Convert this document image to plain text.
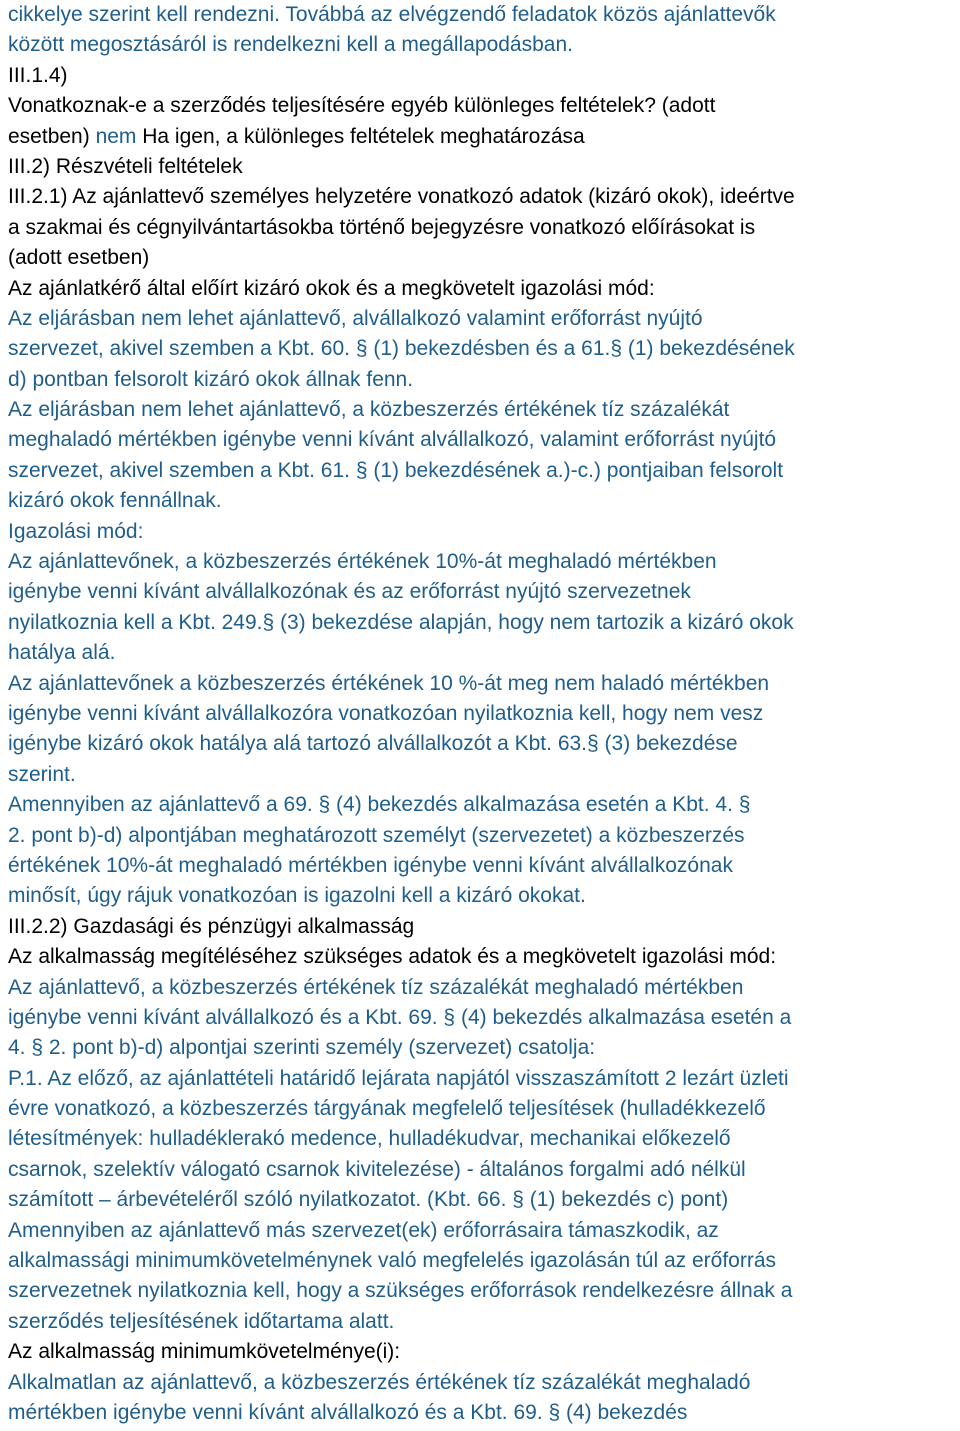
cikkelye szerint kell rendezni. Továbbá az elvégzendő feladatok közös ajánlattevők
között megosztásáról is rendelkezni kell a megállapodásban.
III.1.4)
Vonatkoznak-e a szerződés teljesítésére egyéb különleges feltételek? (adott
esetben) nem Ha igen, a különleges feltételek meghatározása
III.2) Részvételi feltételek
III.2.1) Az ajánlattevő személyes helyzetére vonatkozó adatok (kizáró okok), ideértve
a szakmai és cégnyilvántartásokba történő bejegyzésre vonatkozó előírásokat is
(adott esetben)
Az ajánlatkérő által előírt kizáró okok és a megkövetelt igazolási mód:
Az eljárásban nem lehet ajánlattevő, alvállalkozó valamint erőforrást nyújtó
szervezet, akivel szemben a Kbt. 60. § (1) bekezdésben és a 61.§ (1) bekezdésének
d) pontban felsorolt kizáró okok állnak fenn.
Az eljárásban nem lehet ajánlattevő, a közbeszerzés értékének tíz százalékát
meghaladó mértékben igénybe venni kívánt alvállalkozó, valamint erőforrást nyújtó
szervezet, akivel szemben a Kbt. 61. § (1) bekezdésének a.)-c.) pontjaiban felsorolt
kizáró okok fennállnak.
Igazolási mód:
Az ajánlattevőnek, a közbeszerzés értékének 10%-át meghaladó mértékben
igénybe venni kívánt alvállalkozónak és az erőforrást nyújtó szervezetnek
nyilatkoznia kell a Kbt. 249.§ (3) bekezdése alapján, hogy nem tartozik a kizáró okok
hatálya alá.
Az ajánlattevőnek a közbeszerzés értékének 10 %-át meg nem haladó mértékben
igénybe venni kívánt alvállalkozóra vonatkozóan nyilatkoznia kell, hogy nem vesz
igénybe kizáró okok hatálya alá tartozó alvállalkozót a Kbt. 63.§ (3) bekezdése
szerint.
Amennyiben az ajánlattevő a 69. § (4) bekezdés alkalmazása esetén a Kbt. 4. §
2. pont b)-d) alpontjában meghatározott személyt (szervezetet) a közbeszerzés
értékének 10%-át meghaladó mértékben igénybe venni kívánt alvállalkozónak
minősít, úgy rájuk vonatkozóan is igazolni kell a kizáró okokat.
III.2.2) Gazdasági és pénzügyi alkalmasság
Az alkalmasság megítéléséhez szükséges adatok és a megkövetelt igazolási mód:
Az ajánlattevő, a közbeszerzés értékének tíz százalékát meghaladó mértékben
igénybe venni kívánt alvállalkozó és a Kbt. 69. § (4) bekezdés alkalmazása esetén a
4. § 2. pont b)-d) alpontjai szerinti személy (szervezet) csatolja:
P.1. Az előző, az ajánlattételi határidő lejárata napjától visszaszámított 2 lezárt üzleti
évre vonatkozó, a közbeszerzés tárgyának megfelelő teljesítések (hulladékkezelő
létesítmények: hulladéklerakó medence, hulladékudvar, mechanikai előkezelő
csarnok, szelektív válogató csarnok kivitelezése) - általános forgalmi adó nélkül
számított – árbevételéről szóló nyilatkozatot. (Kbt. 66. § (1) bekezdés c) pont)
Amennyiben az ajánlattevő más szervezet(ek) erőforrásaira támaszkodik, az
alkalmassági minimumkövetelménynek való megfelelés igazolásán túl az erőforrás
szervezetnek nyilatkoznia kell, hogy a szükséges erőforrások rendelkezésre állnak a
szerződés teljesítésének időtartama alatt.
Az alkalmasság minimumkövetelménye(i):
Alkalmatlan az ajánlattevő, a közbeszerzés értékének tíz százalékát meghaladó
mértékben igénybe venni kívánt alvállalkozó és a Kbt. 69. § (4) bekezdés
